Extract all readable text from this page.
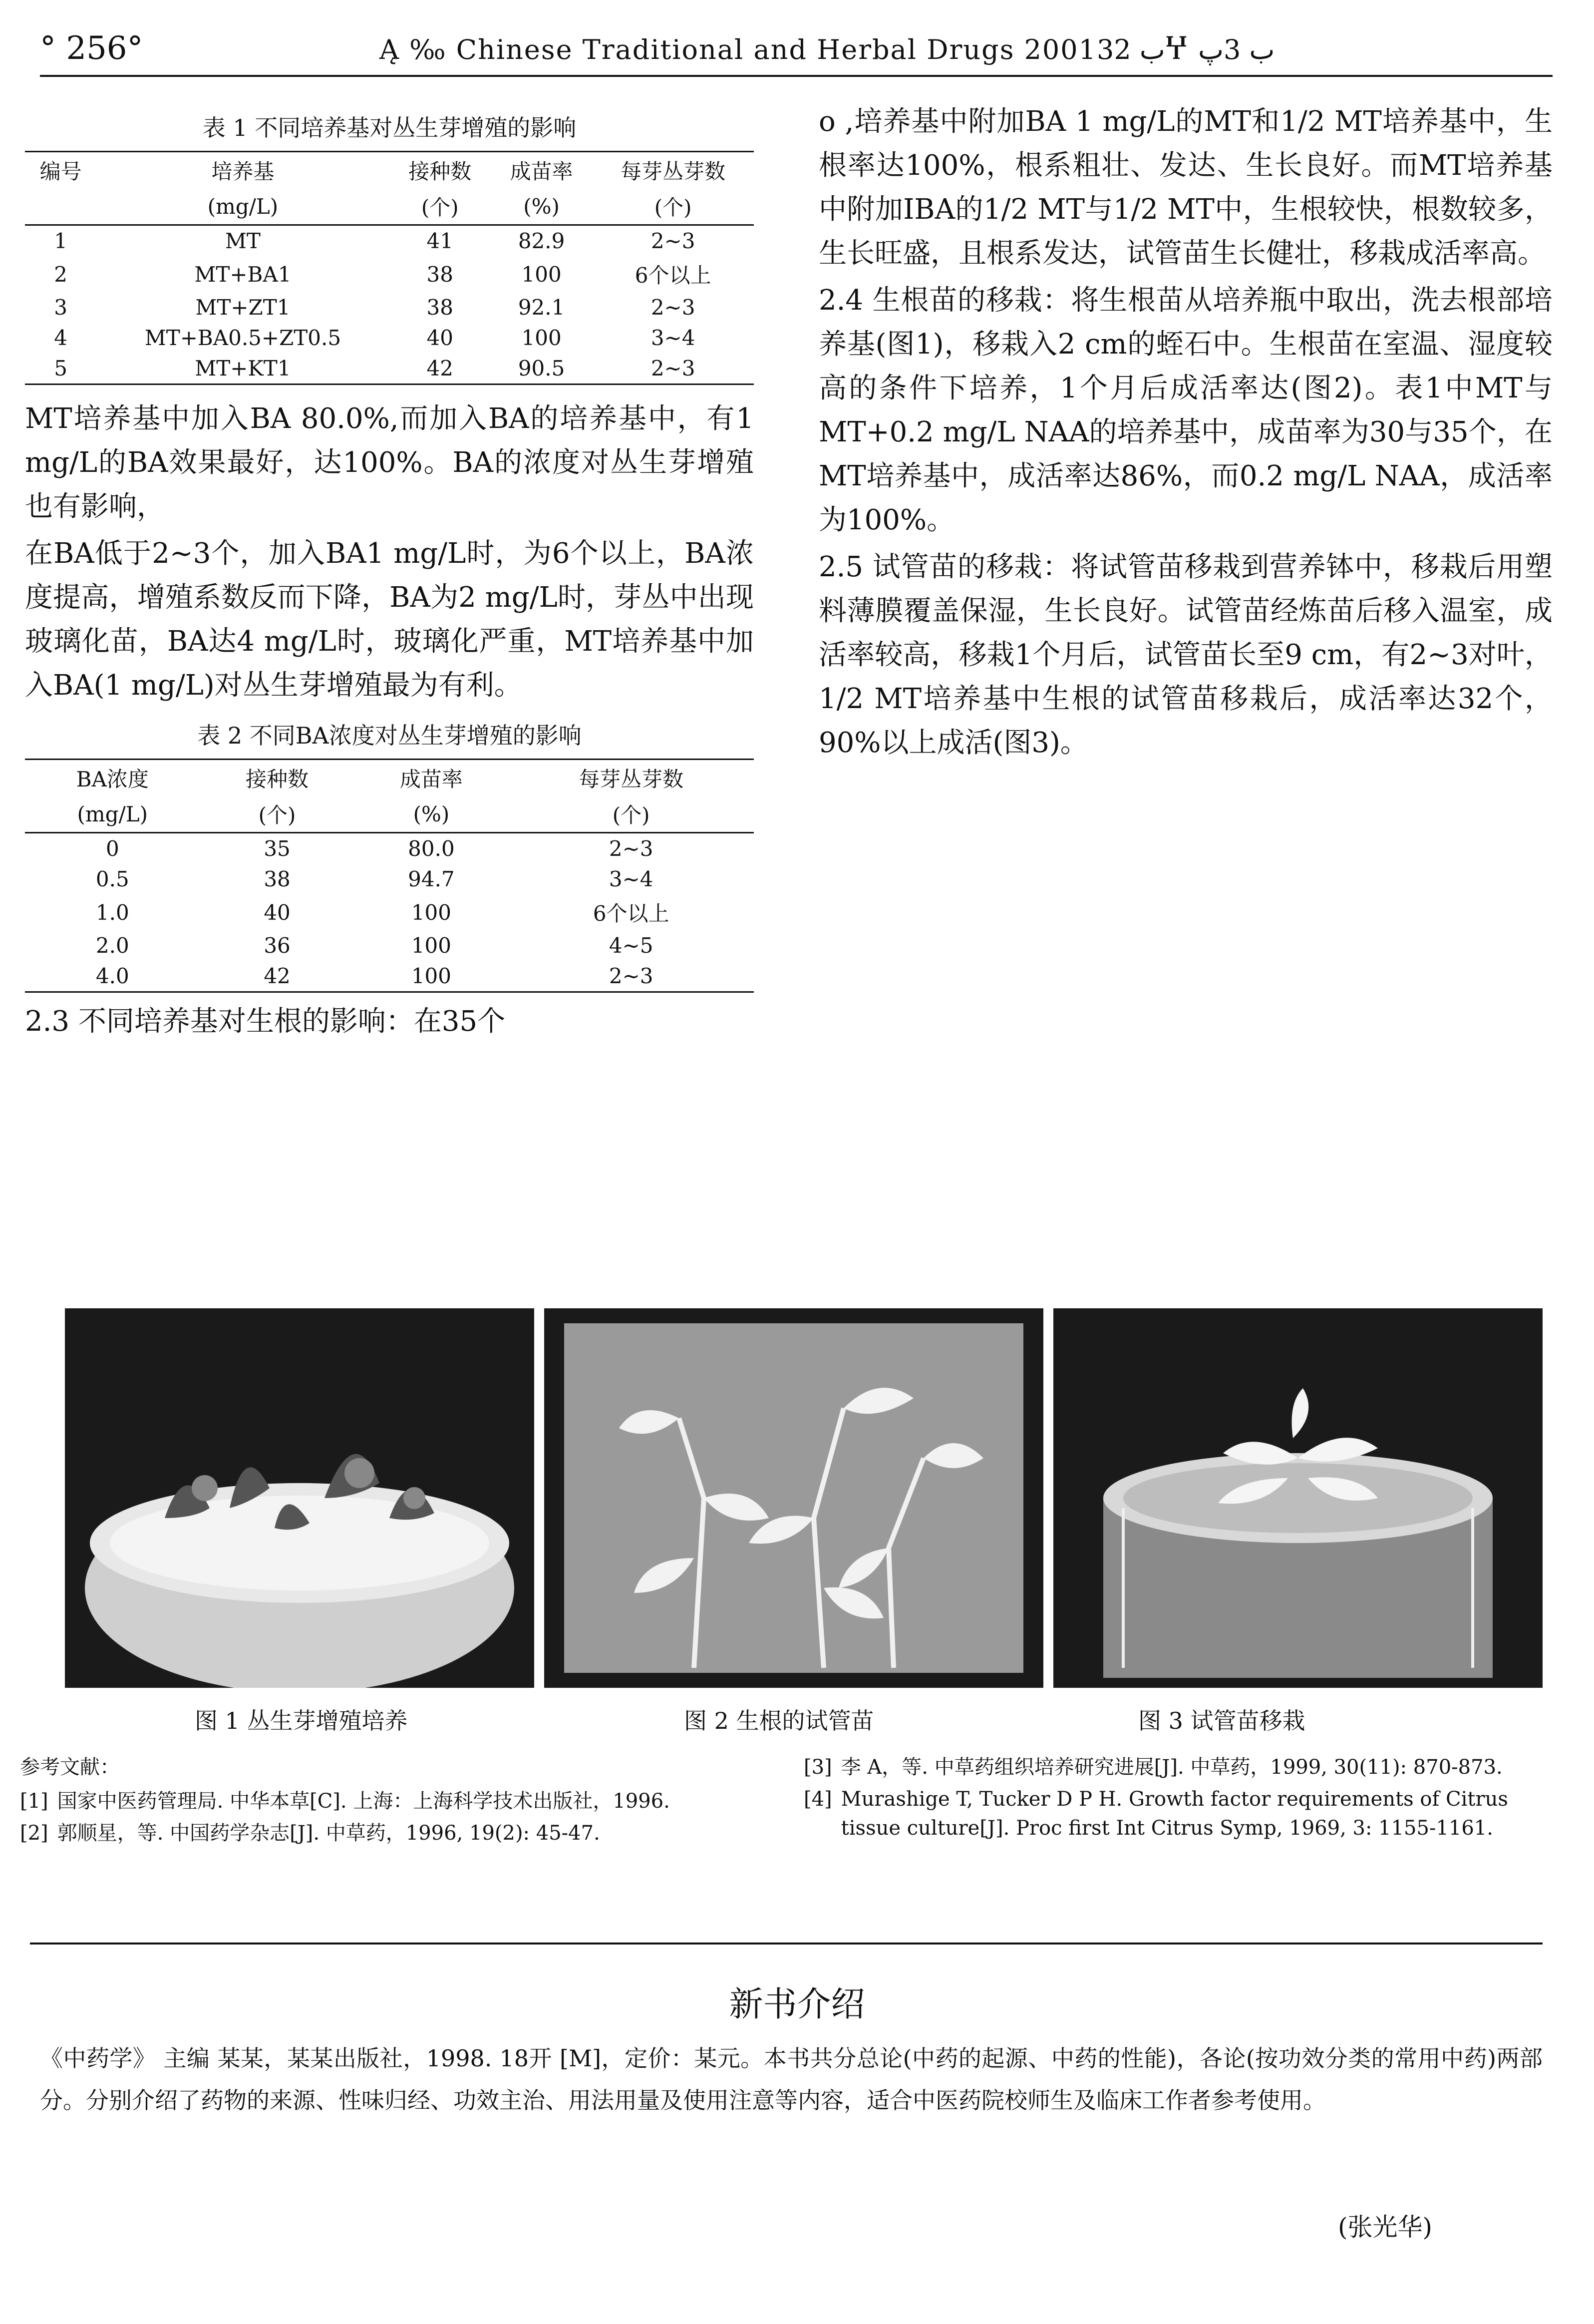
° 256°	Ą ‰ Chinese Traditional and Herbal Drugs 2001ب 32Ⴤ ب 3پ
表 1 不同培养基对丛生芽增殖的影响
编号	培养基	接种数	成苗率	每芽丛芽数
	(mg/L)	(个)	(%)	(个)
1	MT	41	82.9	2~3
2	MT+BA1	38	100	6个以上
3	MT+ZT1	38	92.1	2~3
4	MT+BA0.5+ZT0.5	40	100	3~4
5	MT+KT1	42	90.5	2~3

MT培养基中加入BA 80.0%,而加入BA的培养基中，有1 mg/L的BA效果最好，达100%。BA的浓度对丛生芽增殖也有影响，

在BA低于2~3个，加入BA1 mg/L时，为6个以上，BA浓度提高，增殖系数反而下降，BA为2 mg/L时，芽丛中出现玻璃化苗，BA达4 mg/L时，玻璃化严重，MT培养基中加入BA(1 mg/L)对丛生芽增殖最为有利。

表 2 不同BA浓度对丛生芽增殖的影响
BA浓度	接种数	成苗率	每芽丛芽数
(mg/L)	(个)	(%)	(个)
0	35	80.0	2~3
0.5	38	94.7	3~4
1.0	40	100	6个以上
2.0	36	100	4~5
4.0	42	100	2~3

2.3 不同培养基对生根的影响：在35个

o ,培养基中附加BA 1 mg/L的MT和1/2 MT培养基中，生根率达100%，根系粗壮、发达、生长良好。而MT培养基中附加IBA的1/2 MT与1/2 MT中，生根较快，根数较多，生长旺盛，且根系发达，试管苗生长健壮，移栽成活率高。

2.4 生根苗的移栽：将生根苗从培养瓶中取出，洗去根部培养基(图1)，移栽入2 cm的蛭石中。生根苗在室温、湿度较高的条件下培养，1个月后成活率达(图2)。表1中MT与MT+0.2 mg/L NAA的培养基中，成苗率为30与35个，在MT培养基中，成活率达86%，而0.2 mg/L NAA，成活率为100%。

2.5 试管苗的移栽：将试管苗移栽到营养钵中，移栽后用塑料薄膜覆盖保湿，生长良好。试管苗经炼苗后移入温室，成活率较高，移栽1个月后，试管苗长至9 cm，有2~3对叶，1/2 MT培养基中生根的试管苗移栽后，成活率达32个，90%以上成活(图3)。

图 1 丛生芽增殖培养	图 2 生根的试管苗	图 3 试管苗移栽
参考文献：
[1] 国家中医药管理局. 中华本草[C]. 上海：上海科学技术出版社，1996.
[2] 郭顺星，等. 中国药学杂志[J]. 中草药，1996, 19(2): 45-47.
[3] 李 A，等. 中草药组织培养研究进展[J]. 中草药，1999, 30(11): 870-873.
[4] Murashige T, Tucker D P H. Growth factor requirements of Citrus tissue culture[J]. Proc first Int Citrus Symp, 1969, 3: 1155-1161.
新书介绍
《中药学》 主编 某某，某某出版社，1998. 18开 [M]，定价：某元。本书共分总论(中药的起源、中药的性能)，各论(按功效分类的常用中药)两部分。分别介绍了药物的来源、性味归经、功效主治、用法用量及使用注意等内容，适合中医药院校师生及临床工作者参考使用。
(张光华)
